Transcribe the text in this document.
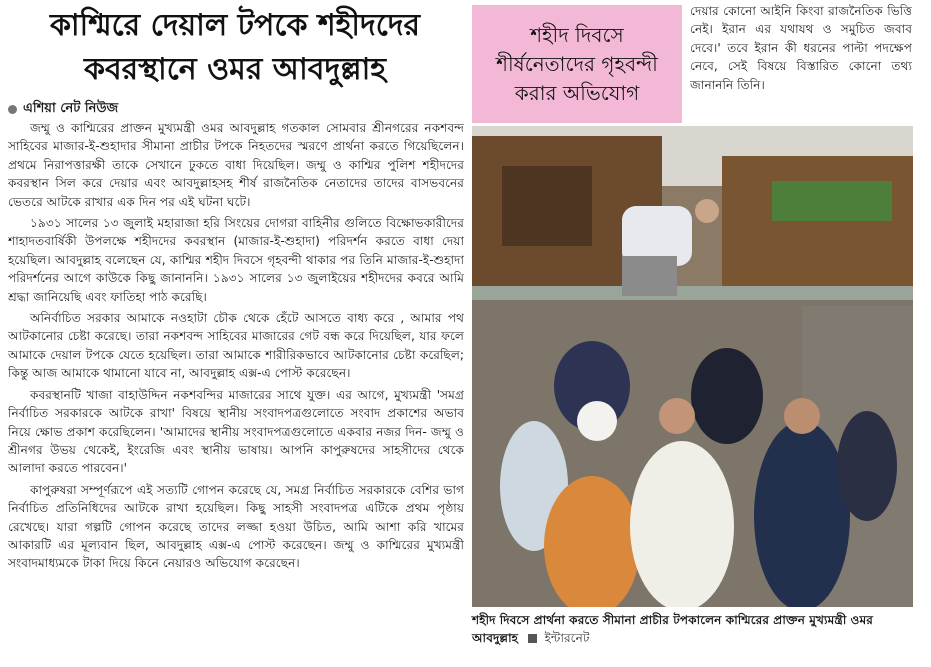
কাশ্মিরে দেয়াল টপকে শহীদদের
কবরস্থানে ওমর আবদুল্লাহ
এশিয়া নেট নিউজ

জম্মু ও কাশ্মিরের প্রাক্তন মুখ্যমন্ত্রী ওমর আবদুল্লাহ গতকাল সোমবার শ্রীনগরের নকশবন্দ সাহিবের মাজার-ই-শুহাদার সীমানা প্রাচীর টপকে নিহতদের স্মরণে প্রার্থনা করতে গিয়েছিলেন। প্রথমে নিরাপত্তারক্ষী তাকে সেখানে ঢুকতে বাধা দিয়েছিল। জম্মু ও কাশ্মির পুলিশ শহীদদের কবরস্থান সিল করে দেয়ার এবং আবদুল্লাহসহ শীর্ষ রাজনৈতিক নেতাদের তাদের বাসভবনের ভেতরে আটকে রাখার এক দিন পর এই ঘটনা ঘটে।

১৯৩১ সালের ১৩ জুলাই মহারাজা হরি সিংয়ের দোগরা বাহিনীর গুলিতে বিক্ষোভকারীদের শাহাদতবার্ষিকী উপলক্ষে শহীদদের কবরস্থান (মাজার-ই-শুহাদা) পরিদর্শন করতে বাধা দেয়া হয়েছিল। আবদুল্লাহ বলেছেন যে, কাশ্মির শহীদ দিবসে গৃহবন্দী থাকার পর তিনি মাজার-ই-শুহাদা পরিদর্শনের আগে কাউকে কিছু জানাননি। ১৯৩১ সালের ১৩ জুলাইয়ের শহীদদের কবরে আমি শ্রদ্ধা জানিয়েছি এবং ফাতিহা পাঠ করেছি।

অনির্বাচিত সরকার আমাকে নওহাটা চৌক থেকে হেঁটে আসতে বাধ্য করে , আমার পথ আটকানোর চেষ্টা করেছে। তারা নকশবন্দ সাহিবের মাজারের গেট বন্ধ করে দিয়েছিল, যার ফলে আমাকে দেয়াল টপকে যেতে হয়েছিল। তারা আমাকে শারীরিকভাবে আটকানোর চেষ্টা করেছিল; কিন্তু আজ আমাকে থামানো যাবে না, আবদুল্লাহ এক্স-এ পোস্ট করেছেন।

কবরস্থানটি খাজা বাহাউদ্দিন নকশবন্দির মাজারের সাথে যুক্ত। এর আগে, মুখ্যমন্ত্রী 'সমগ্র নির্বাচিত সরকারকে আটকে রাখা' বিষয়ে স্থানীয় সংবাদপত্রগুলোতে সংবাদ প্রকাশের অভাব নিয়ে ক্ষোভ প্রকাশ করেছিলেন। 'আমাদের স্থানীয় সংবাদপত্রগুলোতে একবার নজর দিন- জম্মু ও শ্রীনগর উভয় থেকেই, ইংরেজি এবং স্থানীয় ভাষায়। আপনি কাপুরুষদের সাহসীদের থেকে আলাদা করতে পারবেন।'

কাপুরুষরা সম্পূর্ণরূপে এই সত্যটি গোপন করেছে যে, সমগ্র নির্বাচিত সরকারকে বেশির ভাগ নির্বাচিত প্রতিনিধিদের আটকে রাখা হয়েছিল। কিছু সাহসী সংবাদপত্র এটিকে প্রথম পৃষ্ঠায় রেখেছে। যারা গল্পটি গোপন করেছে তাদের লজ্জা হওয়া উচিত, আমি আশা করি খামের আকারটি এর মূল্যবান ছিল, আবদুল্লাহ এক্স-এ পোস্ট করেছেন। জম্মু ও কাশ্মিরের মুখ্যমন্ত্রী সংবাদমাধ্যমকে টাকা দিয়ে কিনে নেয়ারও অভিযোগ করেছেন।

শহীদ দিবসে শীর্ষনেতাদের গৃহবন্দী করার অভিযোগ

দেয়ার কোনো আইনি কিংবা রাজনৈতিক ভিত্তি নেই। ইরান এর যথাযথ ও সমুচিত জবাব দেবে।' তবে ইরান কী ধরনের পাল্টা পদক্ষেপ নেবে, সেই বিষয়ে বিস্তারিত কোনো তথ্য জানাননি তিনি।

শহীদ দিবসে প্রার্থনা করতে সীমানা প্রাচীর টপকালেন কাশ্মিরের প্রাক্তন মুখ্যমন্ত্রী ওমর আবদুল্লাহ ইন্টারনেট
